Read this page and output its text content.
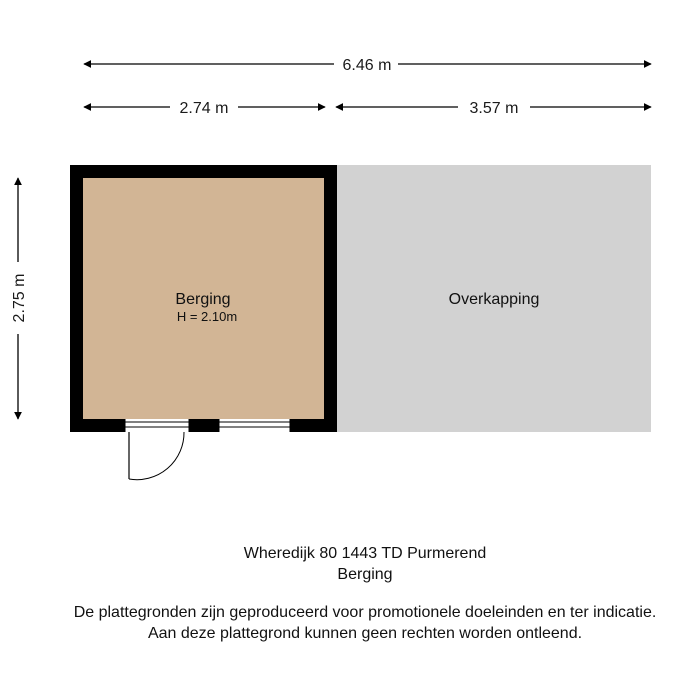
6.46 m
2.74 m	3.57 m
2.75 m	Berging
H = 2.10m
Overkapping
Wheredijk 80 1443 TD Purmerend
Berging
De plattegronden zijn geproduceerd voor promotionele doeleinden en ter indicatie.
Aan deze plattegrond kunnen geen rechten worden ontleend.
